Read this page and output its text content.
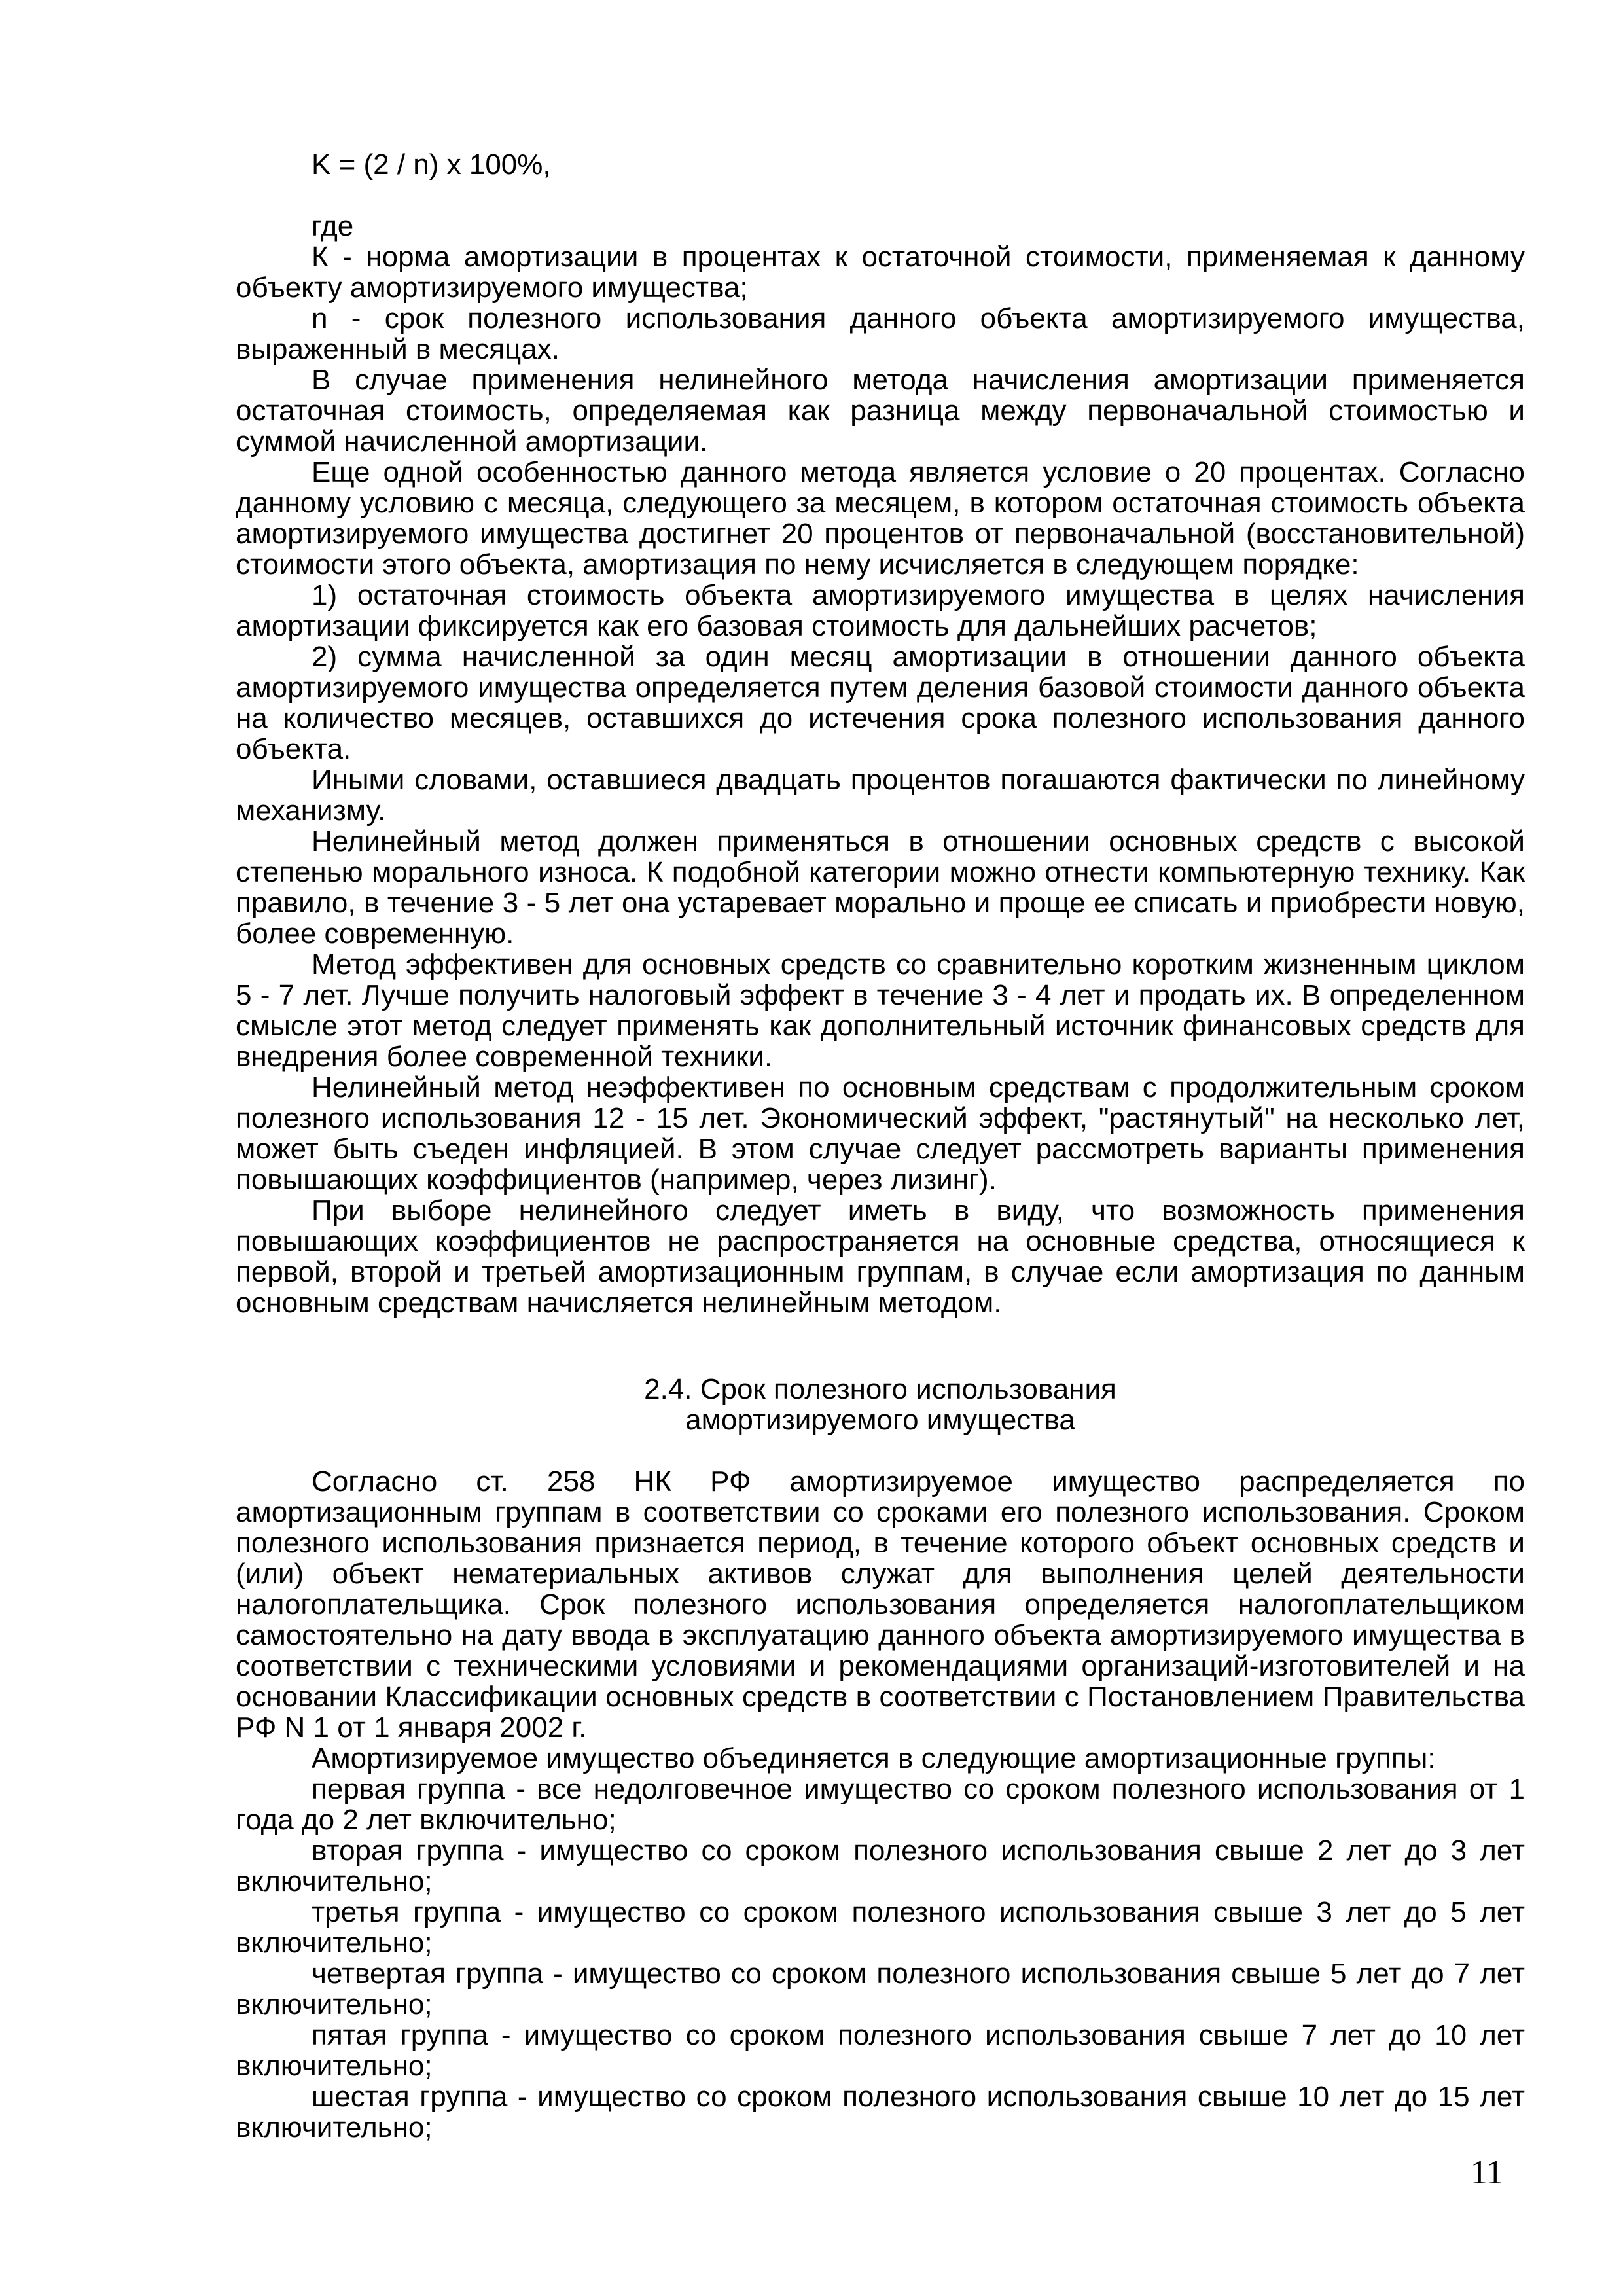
K = (2 / n) x 100%,
где

К - норма амортизации в процентах к остаточной стоимости, применяемая к данному объекту амортизируемого имущества;

n - срок полезного использования данного объекта амортизируемого имущества, выраженный в месяцах.

В случае применения нелинейного метода начисления амортизации применяется остаточная стоимость, определяемая как разница между первоначальной стоимостью и суммой начисленной амортизации.

Еще одной особенностью данного метода является условие о 20 процентах. Согласно данному условию с месяца, следующего за месяцем, в котором остаточная стоимость объекта амортизируемого имущества достигнет 20 процентов от первоначальной (восстановительной) стоимости этого объекта, амортизация по нему исчисляется в следующем порядке:

1) остаточная стоимость объекта амортизируемого имущества в целях начисления амортизации фиксируется как его базовая стоимость для дальнейших расчетов;

2) сумма начисленной за один месяц амортизации в отношении данного объекта амортизируемого имущества определяется путем деления базовой стоимости данного объекта на количество месяцев, оставшихся до истечения срока полезного использования данного объекта.

Иными словами, оставшиеся двадцать процентов погашаются фактически по линейному механизму.

Нелинейный метод должен применяться в отношении основных средств с высокой степенью морального износа. К подобной категории можно отнести компьютерную технику. Как правило, в течение 3 - 5 лет она устаревает морально и проще ее списать и приобрести новую, более современную.

Метод эффективен для основных средств со сравнительно коротким жизненным циклом 5 - 7 лет. Лучше получить налоговый эффект в течение 3 - 4 лет и продать их. В определенном смысле этот метод следует применять как дополнительный источник финансовых средств для внедрения более современной техники.

Нелинейный метод неэффективен по основным средствам с продолжительным сроком полезного использования 12 - 15 лет. Экономический эффект, "растянутый" на несколько лет, может быть съеден инфляцией. В этом случае следует рассмотреть варианты применения повышающих коэффициентов (например, через лизинг).

При выборе нелинейного следует иметь в виду, что возможность применения повышающих коэффициентов не распространяется на основные средства, относящиеся к первой, второй и третьей амортизационным группам, в случае если амортизация по данным основным средствам начисляется нелинейным методом.

2.4. Срок полезного использования
амортизируемого имущества

Согласно ст. 258 НК РФ амортизируемое имущество распределяется по амортизационным группам в соответствии со сроками его полезного использования. Сроком полезного использования признается период, в течение которого объект основных средств и (или) объект нематериальных активов служат для выполнения целей деятельности налогоплательщика. Срок полезного использования определяется налогоплательщиком самостоятельно на дату ввода в эксплуатацию данного объекта амортизируемого имущества в соответствии с техническими условиями и рекомендациями организаций-изготовителей и на основании Классификации основных средств в соответствии с Постановлением Правительства РФ N 1 от 1 января 2002 г.

Амортизируемое имущество объединяется в следующие амортизационные группы:

первая группа - все недолговечное имущество со сроком полезного использования от 1 года до 2 лет включительно;

вторая группа - имущество со сроком полезного использования свыше 2 лет до 3 лет включительно;

третья группа - имущество со сроком полезного использования свыше 3 лет до 5 лет включительно;

четвертая группа - имущество со сроком полезного использования свыше 5 лет до 7 лет включительно;

пятая группа - имущество со сроком полезного использования свыше 7 лет до 10 лет включительно;

шестая группа - имущество со сроком полезного использования свыше 10 лет до 15 лет включительно;

11
